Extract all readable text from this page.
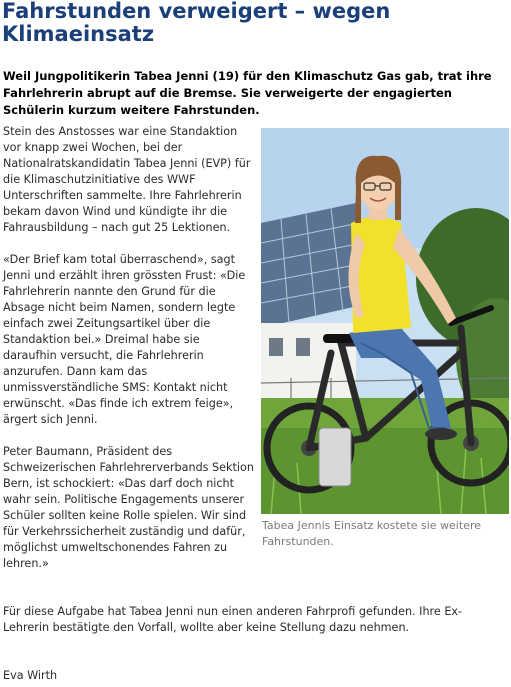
Fahrstunden verweigert – wegen Klimaeinsatz

Weil Jungpolitikerin Tabea Jenni (19) für den Klimaschutz Gas gab, trat ihre Fahrlehrerin abrupt auf die Bremse. Sie verweigerte der engagierten Schülerin kurzum weitere Fahrstunden.

Stein des Anstosses war eine Standaktion vor knapp zwei Wochen, bei der Nationalratskandidatin Tabea Jenni (EVP) für die Klimaschutzinitiative des WWF Unterschriften sammelte. Ihre Fahrlehrerin bekam davon Wind und kündigte ihr die Fahrausbildung – nach gut 25 Lektionen.

«Der Brief kam total überraschend», sagt Jenni und erzählt ihren grössten Frust: «Die Fahrlehrerin nannte den Grund für die Absage nicht beim Namen, sondern legte einfach zwei Zeitungsartikel über die Standaktion bei.» Dreimal habe sie daraufhin versucht, die Fahrlehrerin anzurufen. Dann kam das unmissverständliche SMS: Kontakt nicht erwünscht. «Das finde ich extrem feige», ärgert sich Jenni.

Peter Baumann, Präsident des Schweizerischen Fahrlehrerverbands Sektion Bern, ist schockiert: «Das darf doch nicht wahr sein. Politische Engagements unserer Schüler sollten keine Rolle spielen. Wir sind für Verkehrssicherheit zuständig und dafür, möglichst umweltschonendes Fahren zu lehren.»

Für diese Aufgabe hat Tabea Jenni nun einen anderen Fahrprofi gefunden. Ihre Ex-Lehrerin bestätigte den Vorfall, wollte aber keine Stellung dazu nehmen.

Eva Wirth

Tabea Jennis Einsatz kostete sie weitere Fahrstunden.
